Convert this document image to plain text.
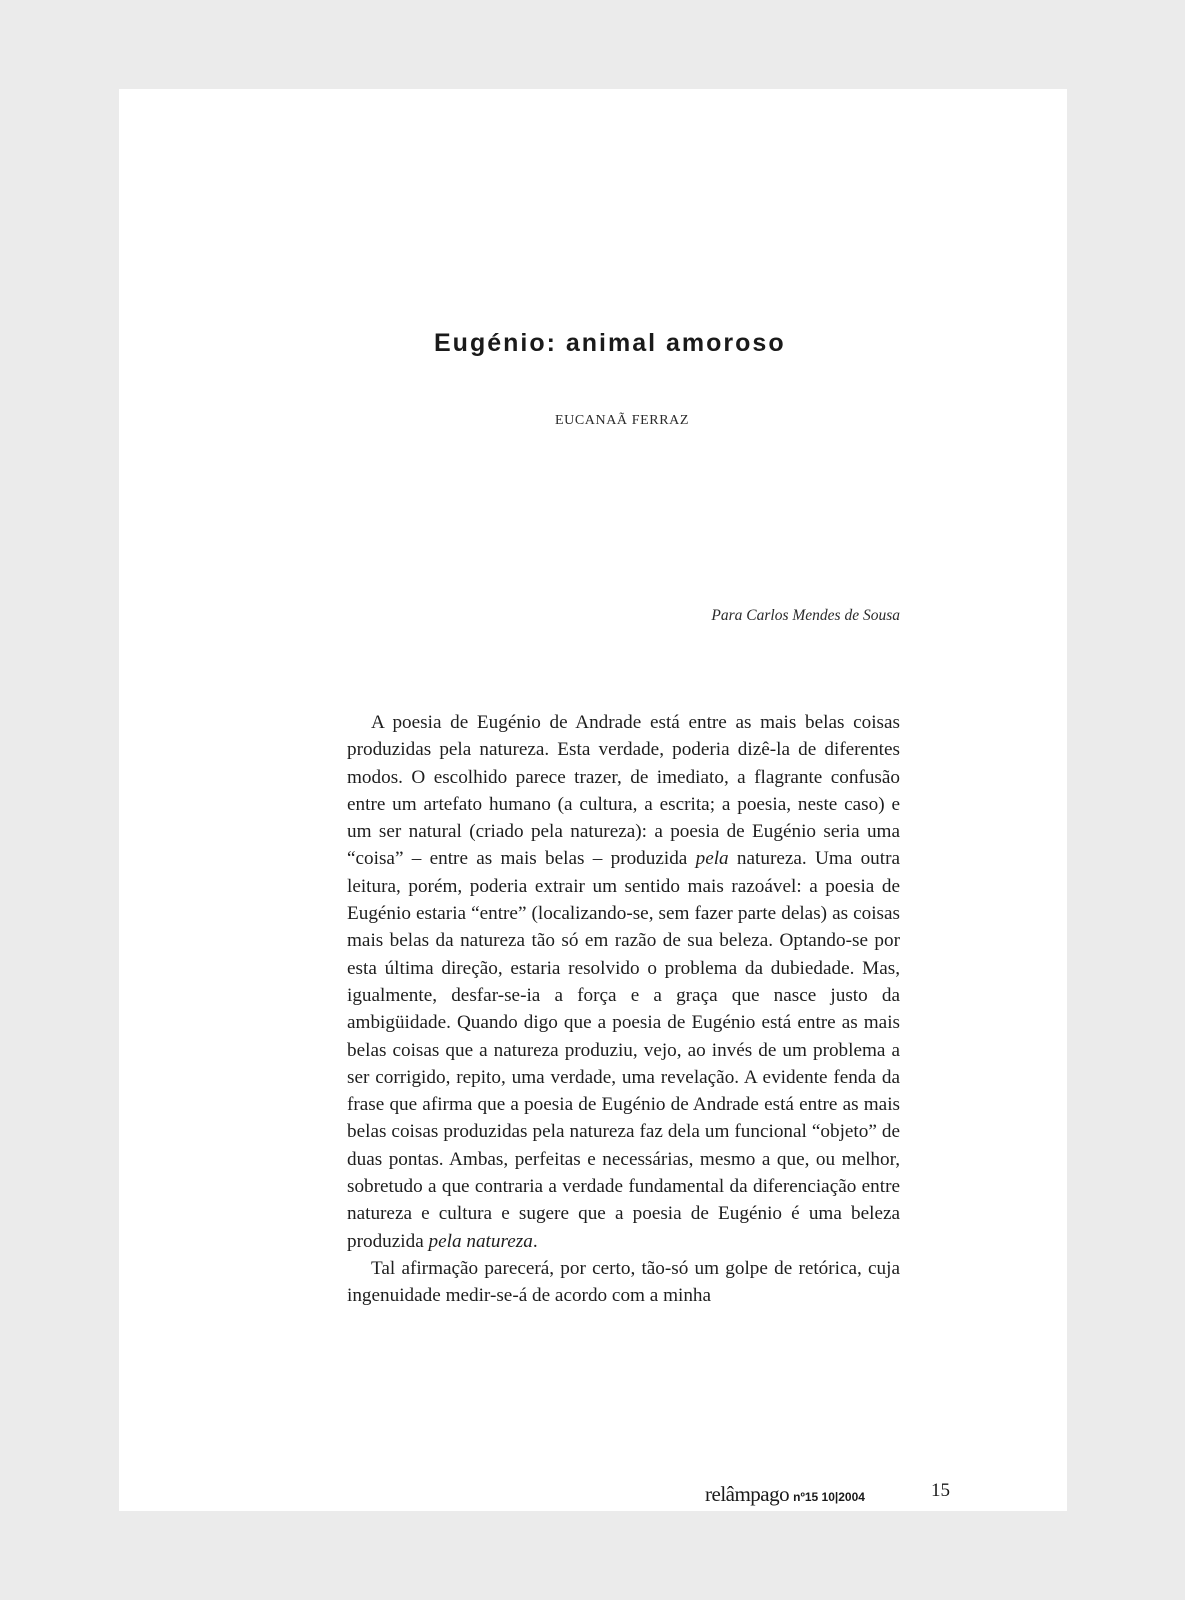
Eugénio: animal amoroso
EUCANAÃ FERRAZ
Para Carlos Mendes de Sousa

A poesia de Eugénio de Andrade está entre as mais belas coisas produzidas pela natureza. Esta verdade, poderia dizê-la de diferentes modos. O escolhido parece trazer, de imediato, a flagrante confusão entre um artefato humano (a cultura, a escrita; a poesia, neste caso) e um ser natural (criado pela natureza): a poesia de Eugénio seria uma “coisa” – entre as mais belas – produzida pela natureza. Uma outra leitura, porém, poderia extrair um sentido mais razoável: a poesia de Eugénio estaria “entre” (localizando-se, sem fazer parte delas) as coisas mais belas da natureza tão só em razão de sua beleza. Optando-se por esta última direção, estaria resolvido o problema da dubiedade. Mas, igualmente, desfar-se-ia a força e a graça que nasce justo da ambigüidade. Quando digo que a poesia de Eugénio está entre as mais belas coisas que a natureza produziu, vejo, ao invés de um problema a ser corrigido, repito, uma verdade, uma revelação. A evidente fenda da frase que afirma que a poesia de Eugénio de Andrade está entre as mais belas coisas produzidas pela natureza faz dela um funcional “objeto” de duas pontas. Ambas, perfeitas e necessárias, mesmo a que, ou melhor, sobretudo a que contraria a verdade fundamental da diferenciação entre natureza e cultura e sugere que a poesia de Eugénio é uma beleza produzida pela natureza.

Tal afirmação parecerá, por certo, tão-só um golpe de retórica, cuja ingenuidade medir-se-á de acordo com a minha

relâmpago nº15 10|2004	15
